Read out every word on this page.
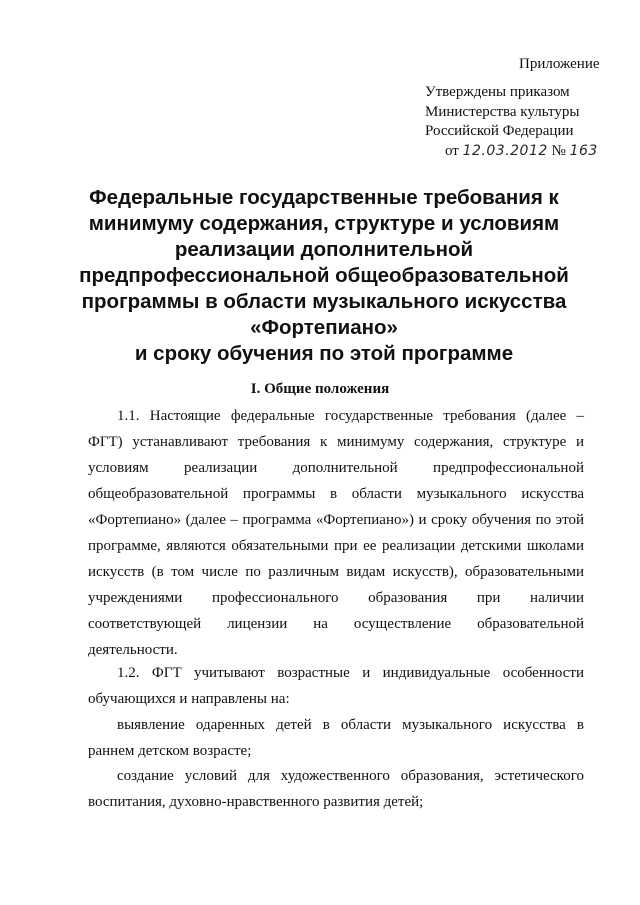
Приложение
Утверждены приказом
Министерства культуры
Российской Федерации
от 12.03.2012 № 163
Федеральные государственные требования к
минимуму содержания, структуре и условиям
реализации дополнительной
предпрофессиональной общеобразовательной
программы в области музыкального искусства
«Фортепиано»
и сроку обучения по этой программе
I. Общие положения
1.1. Настоящие федеральные государственные требования (далее –
ФГТ) устанавливают требования к минимуму содержания, структуре и
условиям реализации дополнительной предпрофессиональной
общеобразовательной программы в области музыкального искусства
«Фортепиано» (далее – программа «Фортепиано») и сроку обучения по этой
программе, являются обязательными при ее реализации детскими школами
искусств (в том числе по различным видам искусств), образовательными
учреждениями профессионального образования при наличии
соответствующей лицензии на осуществление образовательной
деятельности.
1.2. ФГТ учитывают возрастные и индивидуальные особенности
обучающихся и направлены на:
выявление одаренных детей в области музыкального искусства в
раннем детском возрасте;
создание условий для художественного образования, эстетического
воспитания, духовно-нравственного развития детей;
